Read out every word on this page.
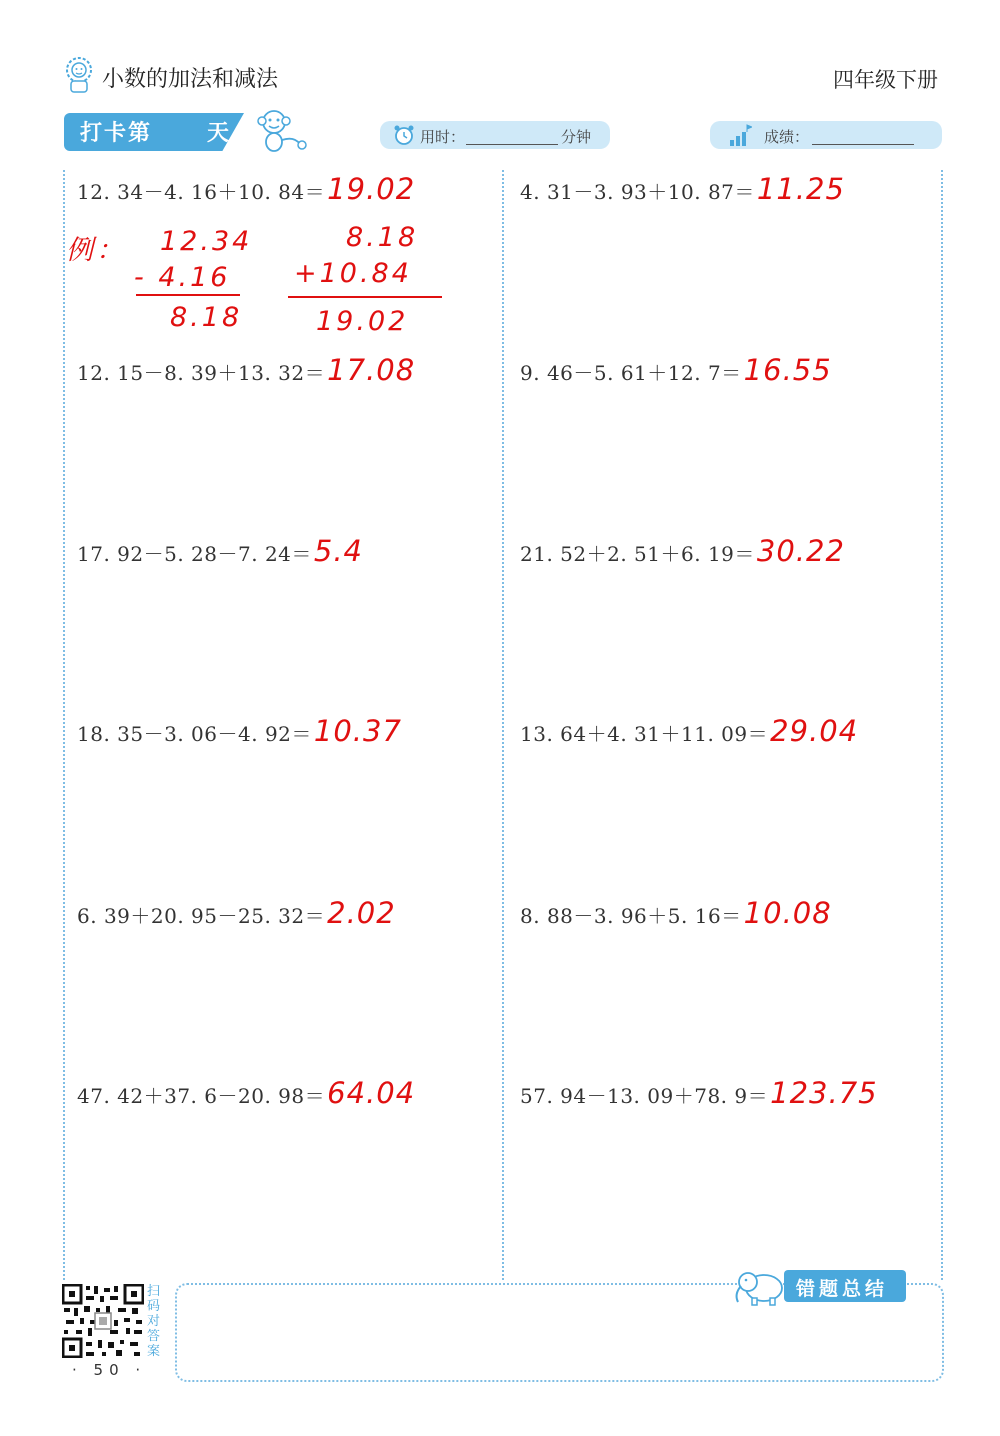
小数的加法和减法	四年级下册
打卡第 天	用时：	分钟	成绩：
12. 34－4. 16＋10. 84＝19.02	4. 31－3. 93＋10. 87＝11.25
12. 15－8. 39＋13. 32＝17.08	9. 46－5. 61＋12. 7＝16.55
17. 92－5. 28－7. 24＝5.4	21. 52＋2. 51＋6. 19＝30.22
18. 35－3. 06－4. 92＝10.37	13. 64＋4. 31＋11. 09＝29.04
6. 39＋20. 95－25. 32＝2.02	8. 88－3. 96＋5. 16＝10.08
47. 42＋37. 6－20. 98＝64.04	57. 94－13. 09＋78. 9＝123.75
例： 12.34
- 4.16
8.18
8.18
+10.84
19.02
错题总结
扫码对答案
· 50 ·
